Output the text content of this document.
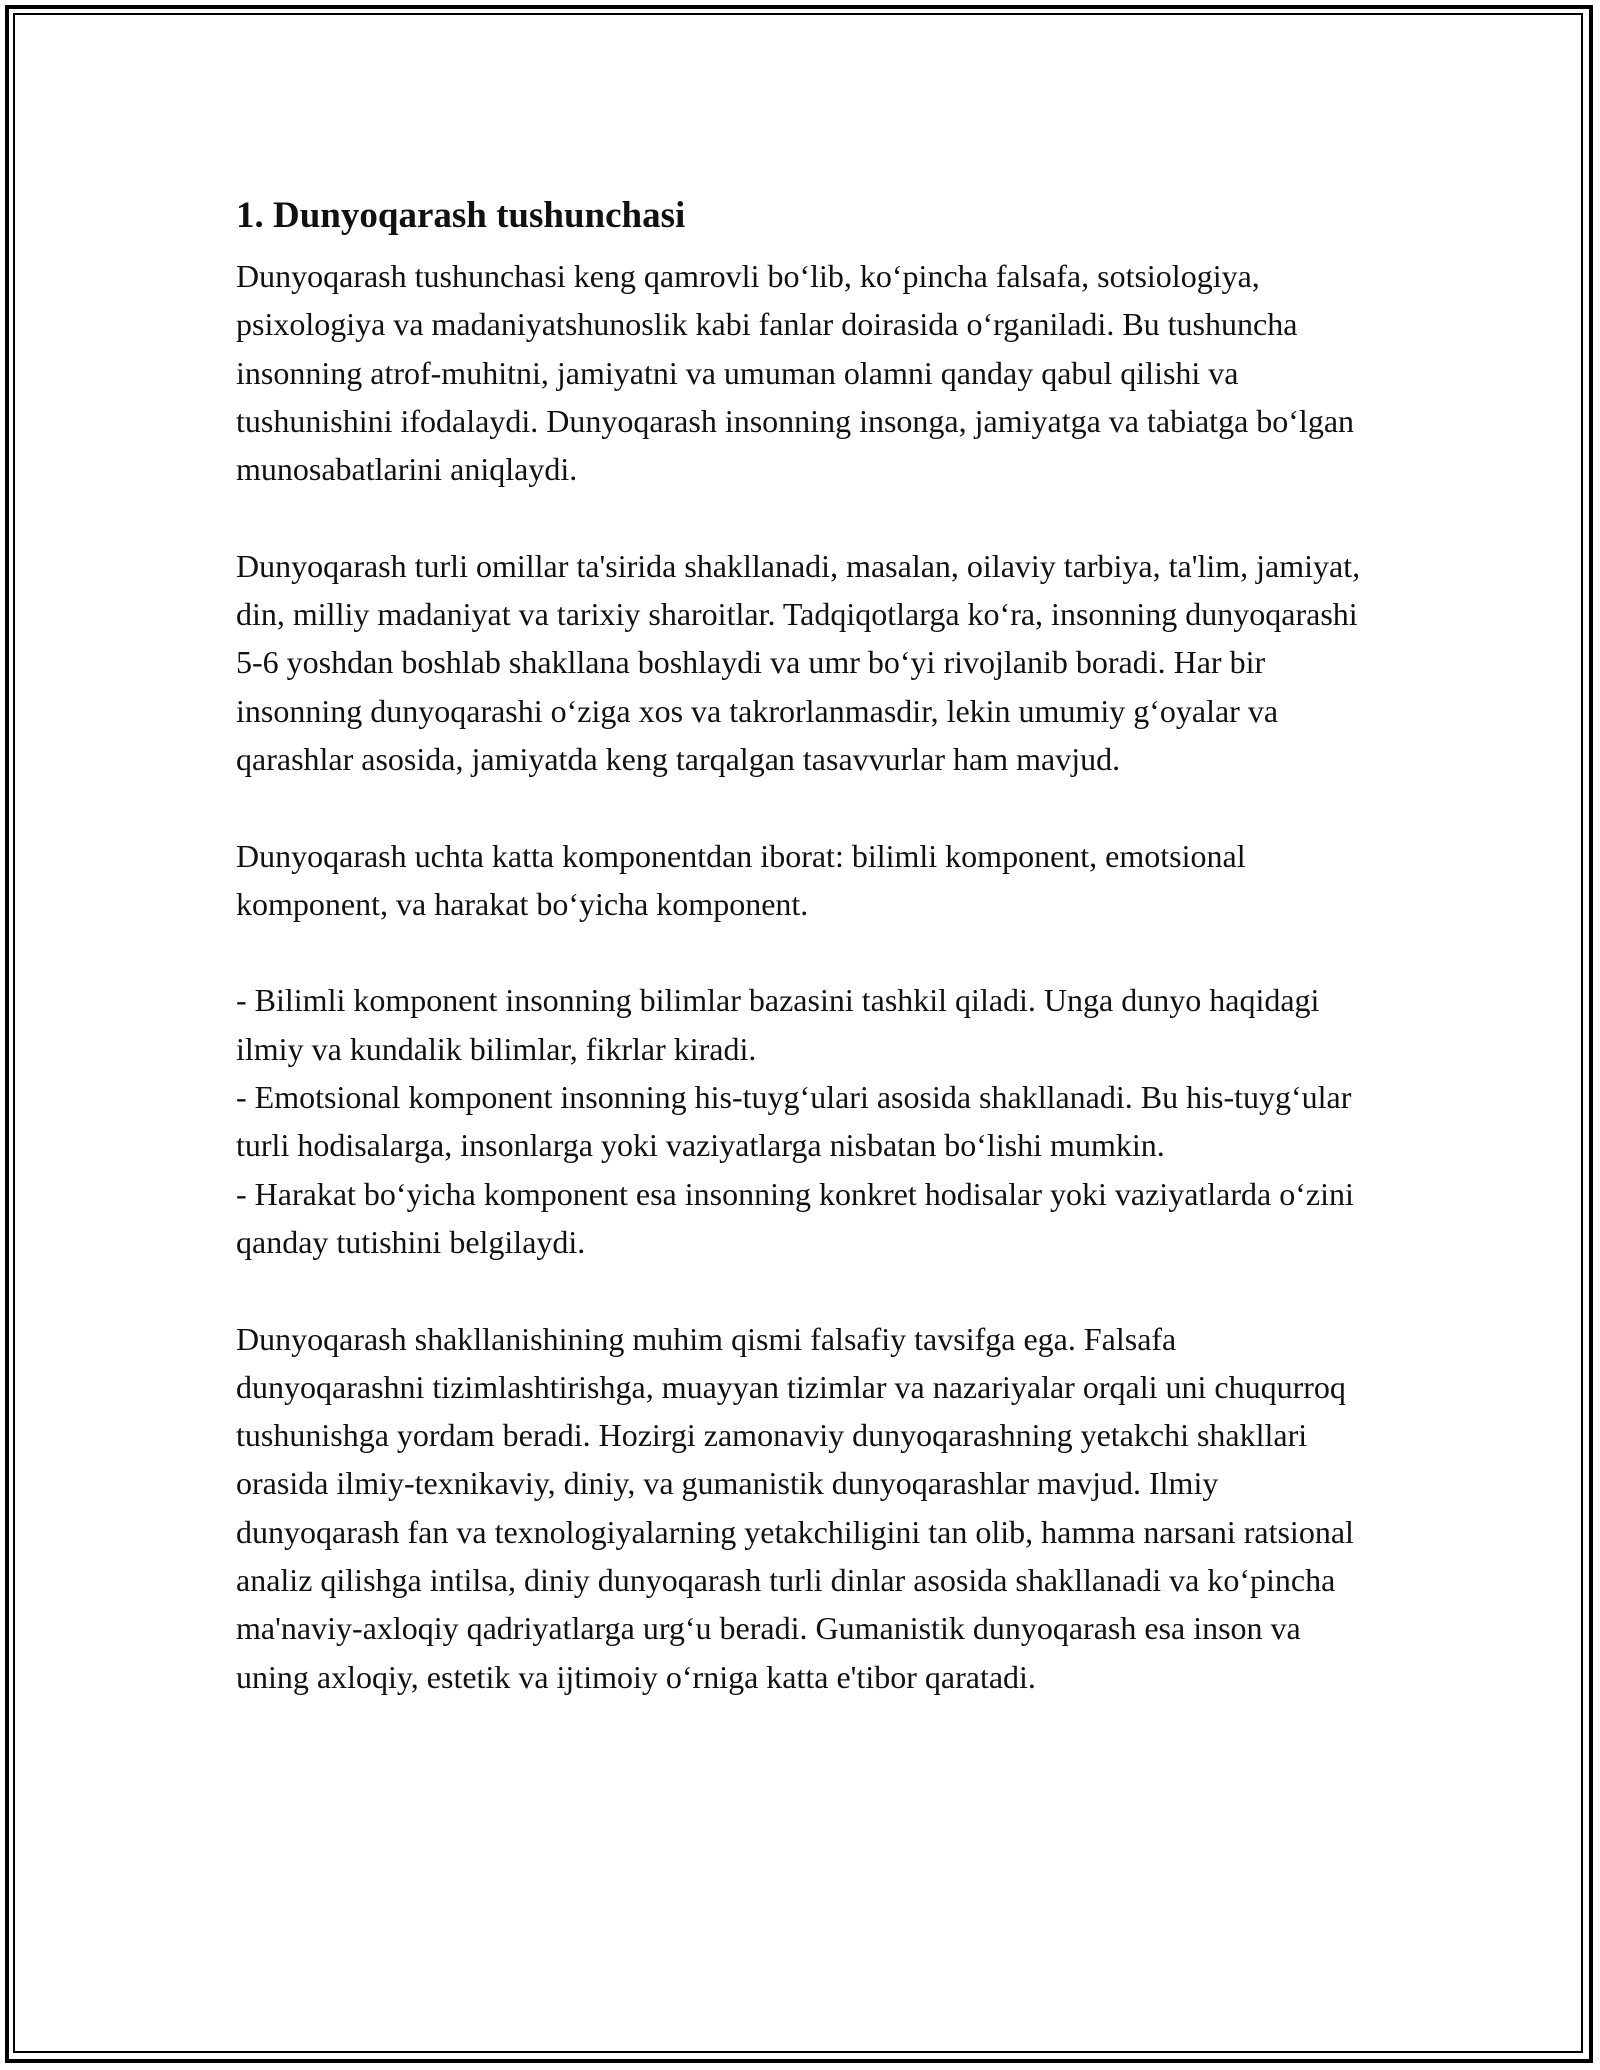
1. Dunyoqarash tushunchasi

Dunyoqarash tushunchasi keng qamrovli bo‘lib, ko‘pincha falsafa, sotsiologiya, psixologiya va madaniyatshunoslik kabi fanlar doirasida o‘rganiladi. Bu tushuncha insonning atrof-muhitni, jamiyatni va umuman olamni qanday qabul qilishi va tushunishini ifodalaydi. Dunyoqarash insonning insonga, jamiyatga va tabiatga bo‘lgan munosabatlarini aniqlaydi.

Dunyoqarash turli omillar ta'sirida shakllanadi, masalan, oilaviy tarbiya, ta'lim, jamiyat, din, milliy madaniyat va tarixiy sharoitlar. Tadqiqotlarga ko‘ra, insonning dunyoqarashi 5-6 yoshdan boshlab shakllana boshlaydi va umr bo‘yi rivojlanib boradi. Har bir insonning dunyoqarashi o‘ziga xos va takrorlanmasdir, lekin umumiy g‘oyalar va qarashlar asosida, jamiyatda keng tarqalgan tasavvurlar ham mavjud.

Dunyoqarash uchta katta komponentdan iborat: bilimli komponent, emotsional komponent, va harakat bo‘yicha komponent.

- Bilimli komponent insonning bilimlar bazasini tashkil qiladi. Unga dunyo haqidagi ilmiy va kundalik bilimlar, fikrlar kiradi.
- Emotsional komponent insonning his-tuyg‘ulari asosida shakllanadi. Bu his-tuyg‘ular turli hodisalarga, insonlarga yoki vaziyatlarga nisbatan bo‘lishi mumkin.
- Harakat bo‘yicha komponent esa insonning konkret hodisalar yoki vaziyatlarda o‘zini qanday tutishini belgilaydi.

Dunyoqarash shakllanishining muhim qismi falsafiy tavsifga ega. Falsafa dunyoqarashni tizimlashtirishga, muayyan tizimlar va nazariyalar orqali uni chuqurroq tushunishga yordam beradi. Hozirgi zamonaviy dunyoqarashning yetakchi shakllari orasida ilmiy-texnikaviy, diniy, va gumanistik dunyoqarashlar mavjud. Ilmiy dunyoqarash fan va texnologiyalarning yetakchiligini tan olib, hamma narsani ratsional analiz qilishga intilsa, diniy dunyoqarash turli dinlar asosida shakllanadi va ko‘pincha ma'naviy-axloqiy qadriyatlarga urg‘u beradi. Gumanistik dunyoqarash esa inson va uning axloqiy, estetik va ijtimoiy o‘rniga katta e'tibor qaratadi.
